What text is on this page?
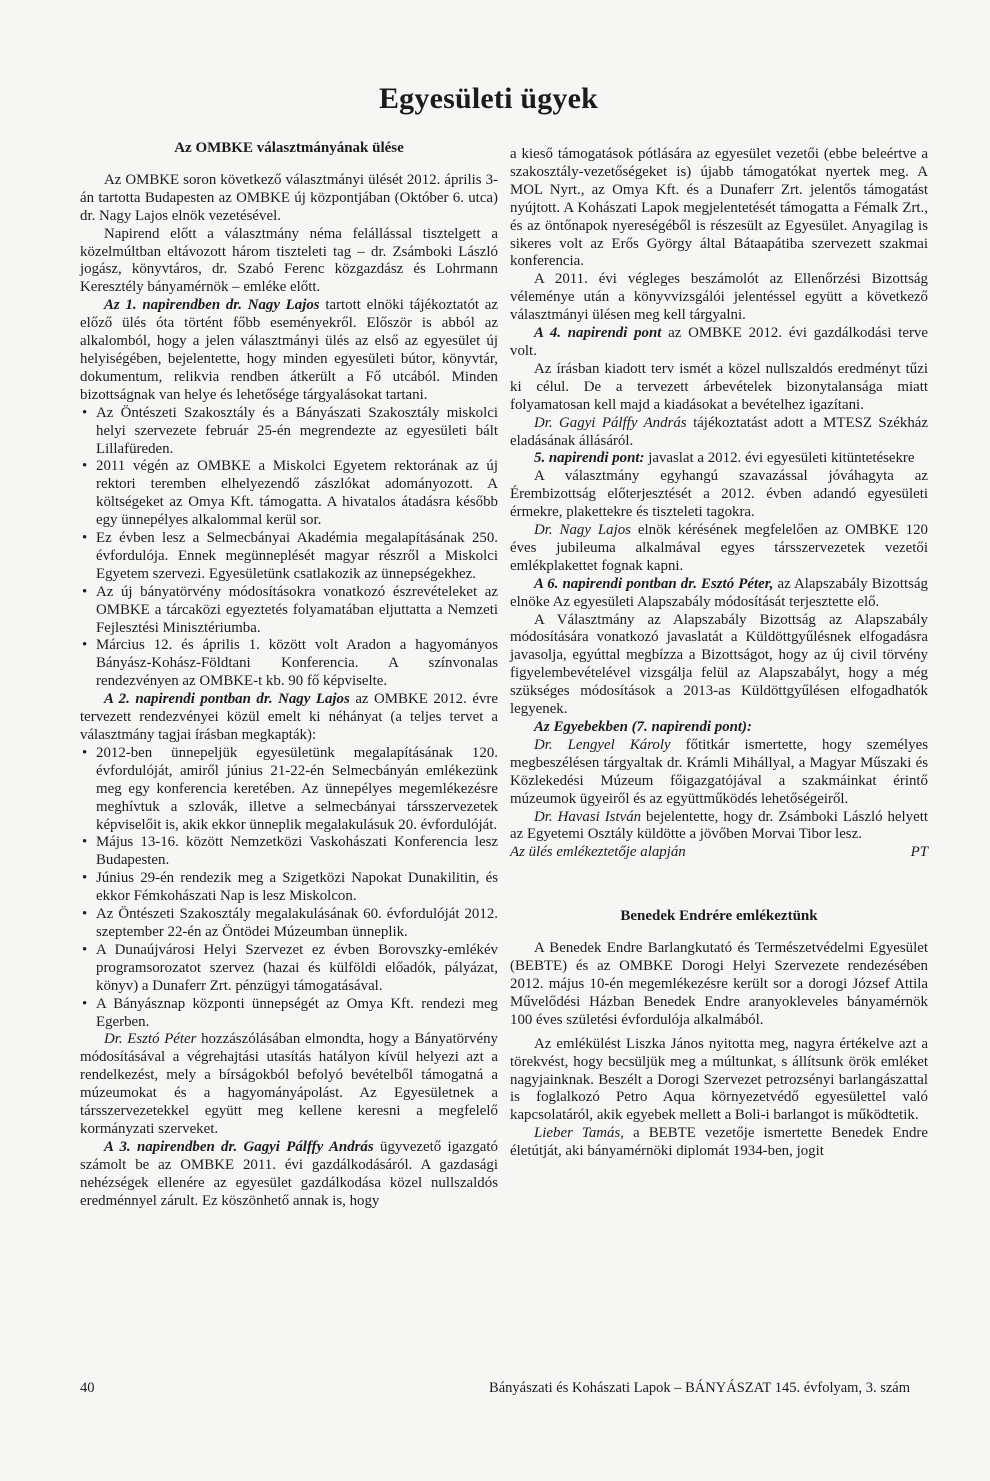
Egyesületi ügyek
Az OMBKE választmányának ülése

Az OMBKE soron következő választmányi ülését 2012. április 3-án tartotta Budapesten az OMBKE új központjában (Október 6. utca) dr. Nagy Lajos elnök vezetésével.

Napirend előtt a választmány néma felállással tisztelgett a közelmúltban eltávozott három tiszteleti tag – dr. Zsámboki László jogász, könyvtáros, dr. Szabó Ferenc közgazdász és Lohrmann Keresztély bányamérnök – emléke előtt.

Az 1. napirendben dr. Nagy Lajos tartott elnöki tájékoztatót az előző ülés óta történt főbb eseményekről. Először is abból az alkalomból, hogy a jelen választmányi ülés az első az egyesület új helyiségében, bejelentette, hogy minden egyesületi bútor, könyvtár, dokumentum, relikvia rendben átkerült a Fő utcából. Minden bizottságnak van helye és lehetősége tárgyalásokat tartani.

• Az Öntészeti Szakosztály és a Bányászati Szakosztály miskolci helyi szervezete február 25-én megrendezte az egyesületi bált Lillafüreden.
• 2011 végén az OMBKE a Miskolci Egyetem rektorának az új rektori teremben elhelyezendő zászlókat adományozott. A költségeket az Omya Kft. támogatta. A hivatalos átadásra később egy ünnepélyes alkalommal kerül sor.
• Ez évben lesz a Selmecbányai Akadémia megalapításának 250. évfordulója. Ennek megünneplését magyar részről a Miskolci Egyetem szervezi. Egyesületünk csatlakozik az ünnepségekhez.
• Az új bányatörvény módosításokra vonatkozó észrevételeket az OMBKE a tárcaközi egyeztetés folyamatában eljuttatta a Nemzeti Fejlesztési Minisztériumba.
• Március 12. és április 1. között volt Aradon a hagyományos Bányász-Kohász-Földtani Konferencia. A színvonalas rendezvényen az OMBKE-t kb. 90 fő képviselte.

A 2. napirendi pontban dr. Nagy Lajos az OMBKE 2012. évre tervezett rendezvényei közül emelt ki néhányat (a teljes tervet a választmány tagjai írásban megkapták):

• 2012-ben ünnepeljük egyesületünk megalapításának 120. évfordulóját, amiről június 21-22-én Selmecbányán emlékezünk meg egy konferencia keretében. Az ünnepélyes megemlékezésre meghívtuk a szlovák, illetve a selmecbányai társszervezetek képviselőit is, akik ekkor ünneplik megalakulásuk 20. évfordulóját.
• Május 13-16. között Nemzetközi Vaskohászati Konferencia lesz Budapesten.
• Június 29-én rendezik meg a Szigetközi Napokat Dunakilitin, és ekkor Fémkohászati Nap is lesz Miskolcon.
• Az Öntészeti Szakosztály megalakulásának 60. évfordulóját 2012. szeptember 22-én az Öntödei Múzeumban ünneplik.
• A Dunaújvárosi Helyi Szervezet ez évben Borovszky-emlékév programsorozatot szervez (hazai és külföldi előadók, pályázat, könyv) a Dunaferr Zrt. pénzügyi támogatásával.
• A Bányásznap központi ünnepségét az Omya Kft. rendezi meg Egerben.

Dr. Esztó Péter hozzászólásában elmondta, hogy a Bányatörvény módosításával a végrehajtási utasítás hatályon kívül helyezi azt a rendelkezést, mely a bírságokból befolyó bevételből támogatná a múzeumokat és a hagyományápolást. Az Egyesületnek a társszervezetekkel együtt meg kellene keresni a megfelelő kormányzati szerveket.

A 3. napirendben dr. Gagyi Pálffy András ügyvezető igazgató számolt be az OMBKE 2011. évi gazdálkodásáról. A gazdasági nehézségek ellenére az egyesület gazdálkodása közel nullszaldós eredménnyel zárult. Ez köszönhető annak is, hogy

a kieső támogatások pótlására az egyesület vezetői (ebbe beleértve a szakosztály-vezetőségeket is) újabb támogatókat nyertek meg. A MOL Nyrt., az Omya Kft. és a Dunaferr Zrt. jelentős támogatást nyújtott. A Kohászati Lapok megjelentetését támogatta a Fémalk Zrt., és az öntőnapok nyereségéből is részesült az Egyesület. Anyagilag is sikeres volt az Erős György által Bátaapátiba szervezett szakmai konferencia.

A 2011. évi végleges beszámolót az Ellenőrzési Bizottság véleménye után a könyvvizsgálói jelentéssel együtt a következő választmányi ülésen meg kell tárgyalni.

A 4. napirendi pont az OMBKE 2012. évi gazdálkodási terve volt.

Az írásban kiadott terv ismét a közel nullszaldós eredményt tűzi ki célul. De a tervezett árbevételek bizonytalansága miatt folyamatosan kell majd a kiadásokat a bevételhez igazítani.

Dr. Gagyi Pálffy András tájékoztatást adott a MTESZ Székház eladásának állásáról.

5. napirendi pont: javaslat a 2012. évi egyesületi kitüntetésekre

A választmány egyhangú szavazással jóváhagyta az Érembizottság előterjesztését a 2012. évben adandó egyesületi érmekre, plakettekre és tiszteleti tagokra.

Dr. Nagy Lajos elnök kérésének megfelelően az OMBKE 120 éves jubileuma alkalmával egyes társszervezetek vezetői emlékplakettet fognak kapni.

A 6. napirendi pontban dr. Esztó Péter, az Alapszabály Bizottság elnöke Az egyesületi Alapszabály módosítását terjesztette elő.

A Választmány az Alapszabály Bizottság az Alapszabály módosítására vonatkozó javaslatát a Küldöttgyűlésnek elfogadásra javasolja, egyúttal megbízza a Bizottságot, hogy az új civil törvény figyelembevételével vizsgálja felül az Alapszabályt, hogy a még szükséges módosítások a 2013-as Küldöttgyűlésen elfogadhatók legyenek.

Az Egyebekben (7. napirendi pont):

Dr. Lengyel Károly főtitkár ismertette, hogy személyes megbeszélésen tárgyaltak dr. Krámli Mihállyal, a Magyar Műszaki és Közlekedési Múzeum főigazgatójával a szakmáinkat érintő múzeumok ügyeiről és az együttműködés lehetőségeiről.

Dr. Havasi István bejelentette, hogy dr. Zsámboki László helyett az Egyetemi Osztály küldötte a jövőben Morvai Tibor lesz.

Az ülés emlékeztetője alapján	PT
Benedek Endrére emlékeztünk

A Benedek Endre Barlangkutató és Természetvédelmi Egyesület (BEBTE) és az OMBKE Dorogi Helyi Szervezete rendezésében 2012. május 10-én megemlékezésre került sor a dorogi József Attila Művelődési Házban Benedek Endre aranyokleveles bányamérnök 100 éves születési évfordulója alkalmából.

Az emlékülést Liszka János nyitotta meg, nagyra értékelve azt a törekvést, hogy becsüljük meg a múltunkat, s állítsunk örök emléket nagyjainknak. Beszélt a Dorogi Szervezet petrozsényi barlangászattal is foglalkozó Petro Aqua környezetvédő egyesülettel való kapcsolatáról, akik egyebek mellett a Boli-i barlangot is működtetik.

Lieber Tamás, a BEBTE vezetője ismertette Benedek Endre életútját, aki bányamérnöki diplomát 1934-ben, jogit

40	Bányászati és Kohászati Lapok – BÁNYÁSZAT 145. évfolyam, 3. szám
